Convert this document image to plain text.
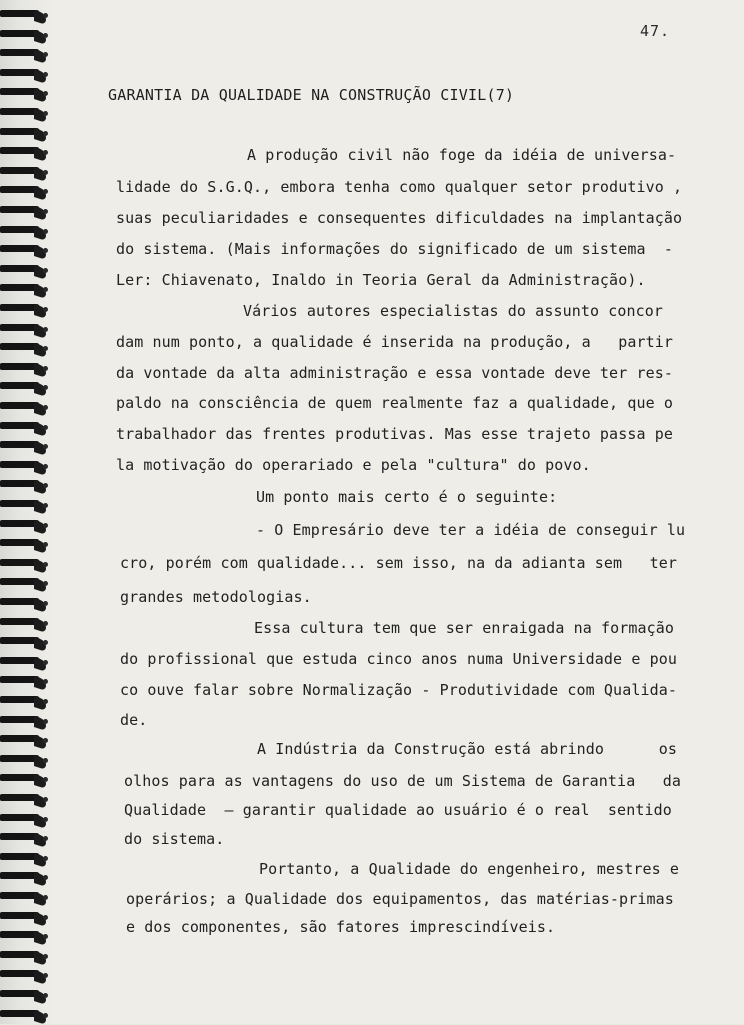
47.
GARANTIA DA QUALIDADE NA CONSTRUÇÃO CIVIL(7)
A produção civil não foge da idéia de universa-
lidade do S.G.Q., embora tenha como qualquer setor produtivo ,
suas peculiaridades e consequentes dificuldades na implantação
do sistema. (Mais informações do significado de um sistema  -
Ler: Chiavenato, Inaldo in Teoria Geral da Administração).
Vários autores especialistas do assunto concor
dam num ponto, a qualidade é inserida na produção, a   partir
da vontade da alta administração e essa vontade deve ter res-
paldo na consciência de quem realmente faz a qualidade, que o
trabalhador das frentes produtivas. Mas esse trajeto passa pe
la motivação do operariado e pela "cultura" do povo.
Um ponto mais certo é o seguinte:
- O Empresário deve ter a idéia de conseguir lu
cro, porém com qualidade... sem isso, na da adianta sem   ter
grandes metodologias.
Essa cultura tem que ser enraigada na formação
do profissional que estuda cinco anos numa Universidade e pou
co ouve falar sobre Normalização - Produtividade com Qualida-
de.
A Indústria da Construção está abrindo      os
olhos para as vantagens do uso de um Sistema de Garantia   da
Qualidade  — garantir qualidade ao usuário é o real  sentido
do sistema.
Portanto, a Qualidade do engenheiro, mestres e
operários; a Qualidade dos equipamentos, das matérias-primas
e dos componentes, são fatores imprescindíveis.
